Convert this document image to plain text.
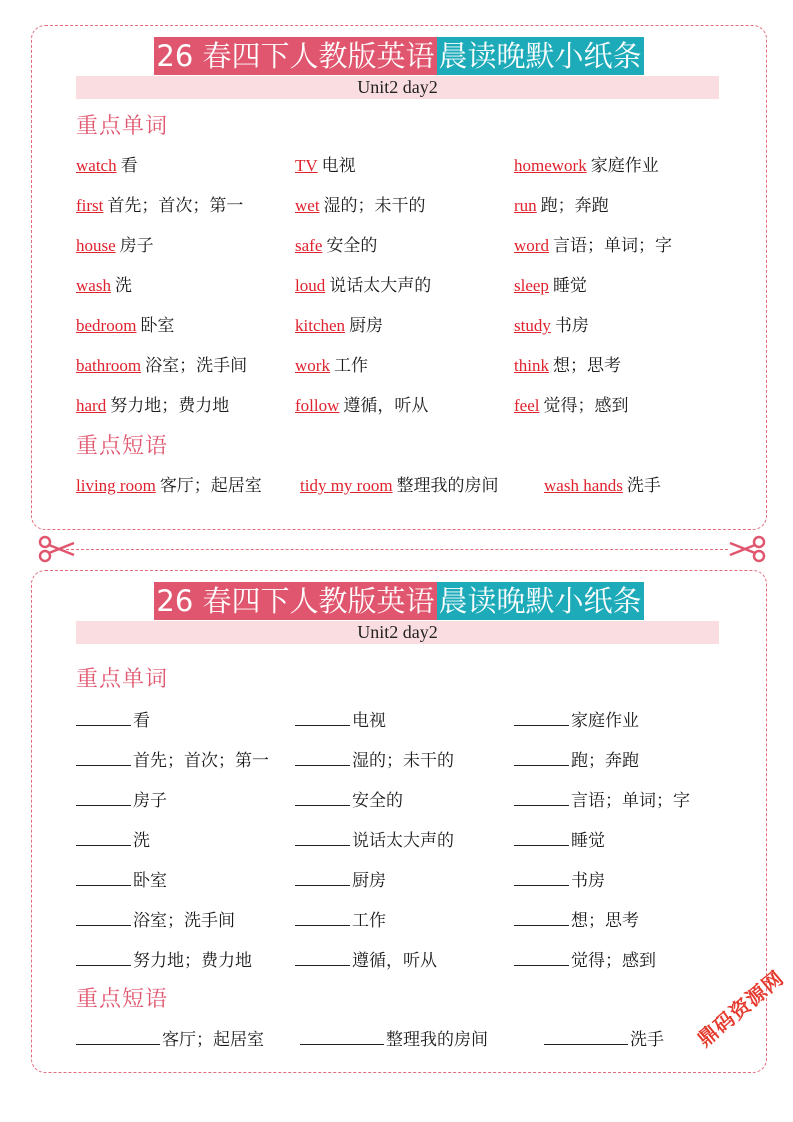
26 春四下人教版英语 晨读晚默小纸条
Unit2 day2
重点单词
watch 看	TV 电视	homework 家庭作业
first 首先；首次；第一	wet 湿的；未干的	run 跑；奔跑
house 房子	safe 安全的	word 言语；单词；字
wash 洗	loud 说话太大声的	sleep 睡觉
bedroom 卧室	kitchen 厨房	study 书房
bathroom 浴室；洗手间	work 工作	think 想；思考
hard 努力地；费力地	follow 遵循，听从	feel 觉得；感到
重点短语
living room 客厅；起居室 tidy my room 整理我的房间	wash hands 洗手
26 春四下人教版英语 晨读晚默小纸条
Unit2 day2
重点单词
看	电视	家庭作业
首先；首次；第一	湿的；未干的	跑；奔跑
房子	安全的	言语；单词；字
洗	说话太大声的	睡觉
卧室	厨房	书房
浴室；洗手间	工作	想；思考
努力地；费力地	遵循，听从	觉得；感到
重点短语
客厅；起居室	整理我的房间	洗手 鼎码资源网
